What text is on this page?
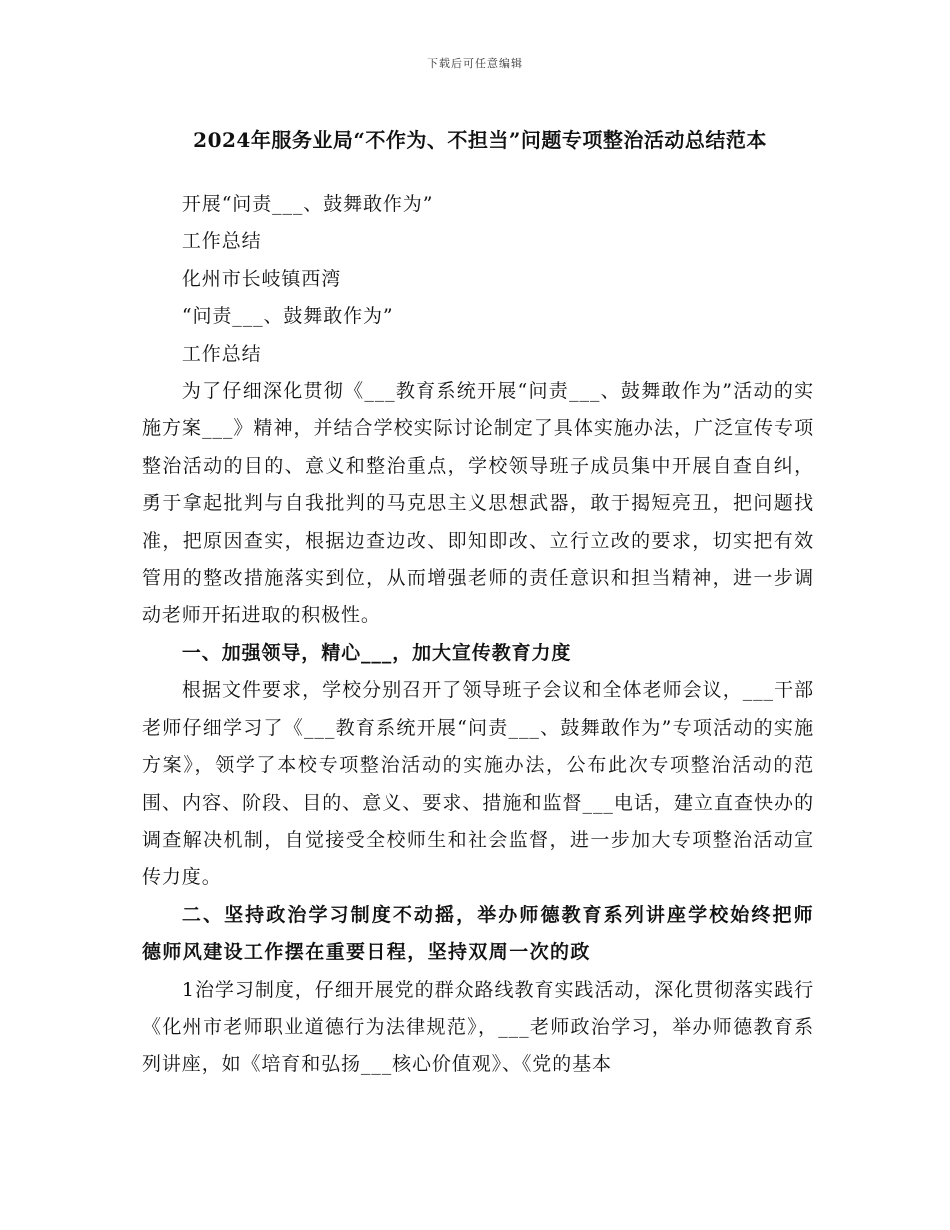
下载后可任意编辑
2024年服务业局“不作为、不担当”问题专项整治活动总结范本

开展“问责___、鼓舞敢作为”

工作总结

化州市长岐镇西湾

“问责___、鼓舞敢作为”

工作总结

为了仔细深化贯彻《___教育系统开展“问责___、鼓舞敢作为”活动的实施方案___》精神，并结合学校实际讨论制定了具体实施办法，广泛宣传专项整治活动的目的、意义和整治重点，学校领导班子成员集中开展自查自纠，勇于拿起批判与自我批判的马克思主义思想武器，敢于揭短亮丑，把问题找准，把原因查实，根据边查边改、即知即改、立行立改的要求，切实把有效管用的整改措施落实到位，从而增强老师的责任意识和担当精神，进一步调动老师开拓进取的积极性。

一、加强领导，精心___，加大宣传教育力度

根据文件要求，学校分别召开了领导班子会议和全体老师会议，___干部老师仔细学习了《___教育系统开展“问责___、鼓舞敢作为”专项活动的实施方案》，领学了本校专项整治活动的实施办法，公布此次专项整治活动的范围、内容、阶段、目的、意义、要求、措施和监督___电话，建立直查快办的调查解决机制，自觉接受全校师生和社会监督，进一步加大专项整治活动宣传力度。

二、坚持政治学习制度不动摇，举办师德教育系列讲座学校始终把师德师风建设工作摆在重要日程，坚持双周一次的政

1治学习制度，仔细开展党的群众路线教育实践活动，深化贯彻落实践行《化州市老师职业道德行为法律规范》，___老师政治学习，举办师德教育系列讲座，如《培育和弘扬___核心价值观》、《党的基本
